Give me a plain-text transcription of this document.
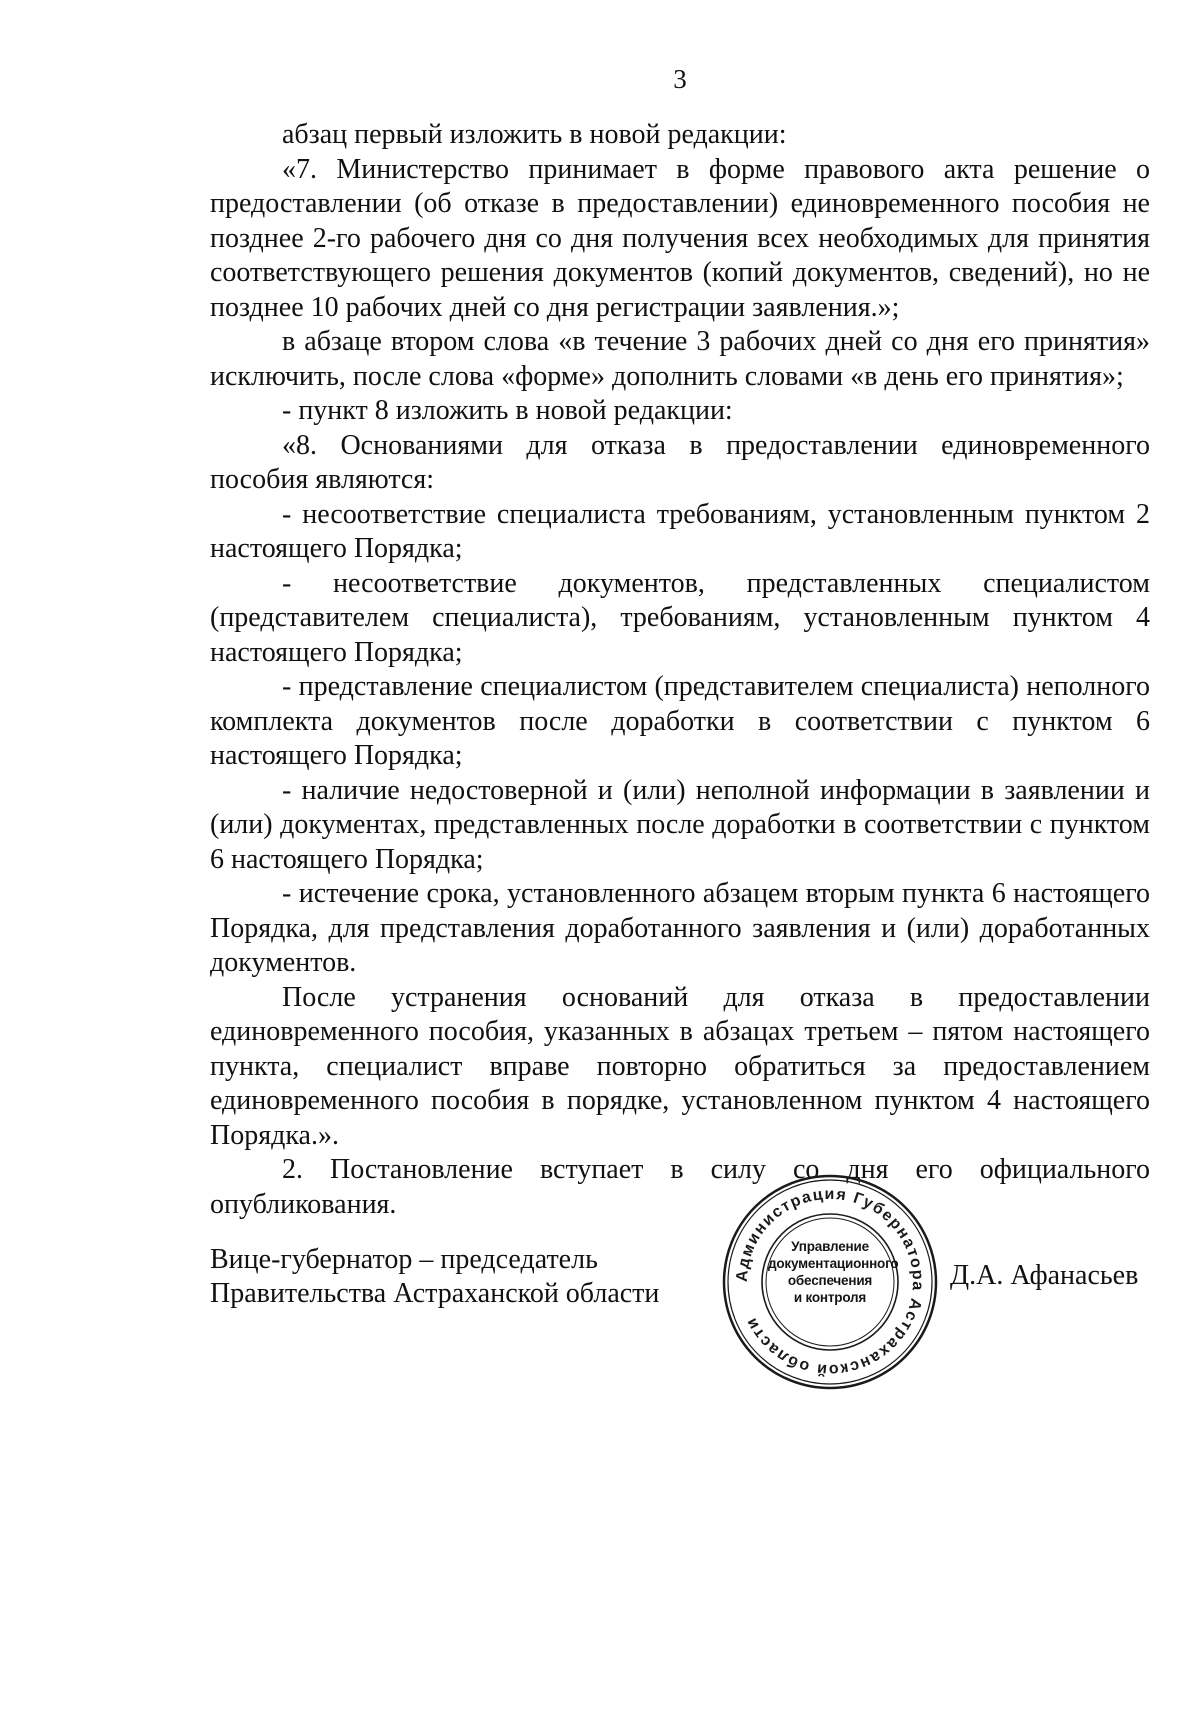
3

абзац первый изложить в новой редакции:

«7. Министерство принимает в форме правового акта решение о предоставлении (об отказе в предоставлении) единовременного пособия не позднее 2-го рабочего дня со дня получения всех необходимых для принятия соответствующего решения документов (копий документов, сведений), но не позднее 10 рабочих дней со дня регистрации заявления.»;

в абзаце втором слова «в течение 3 рабочих дней со дня его принятия» исключить, после слова «форме» дополнить словами «в день его принятия»;

- пункт 8 изложить в новой редакции:

«8. Основаниями для отказа в предоставлении единовременного пособия являются:

- несоответствие специалиста требованиям, установленным пунктом 2 настоящего Порядка;

- несоответствие документов, представленных специалистом (представителем специалиста), требованиям, установленным пунктом 4 настоящего Порядка;

- представление специалистом (представителем специалиста) неполного комплекта документов после доработки в соответствии с пунктом 6 настоящего Порядка;

- наличие недостоверной и (или) неполной информации в заявлении и (или) документах, представленных после доработки в соответствии с пунктом 6 настоящего Порядка;

- истечение срока, установленного абзацем вторым пункта 6 настоящего Порядка, для представления доработанного заявления и (или) доработанных документов.

После устранения оснований для отказа в предоставлении единовременного пособия, указанных в абзацах третьем – пятом настоящего пункта, специалист вправе повторно обратиться за предоставлением единовременного пособия в порядке, установленном пунктом 4 настоящего Порядка.».

2. Постановление вступает в силу со дня его официального опубликования.

Вице-губернатор – председатель
Правительства Астраханской области
Администрация Губернатора Астраханской области
Управление
документационного
обеспечения
и контроля
Д.А. Афанасьев
